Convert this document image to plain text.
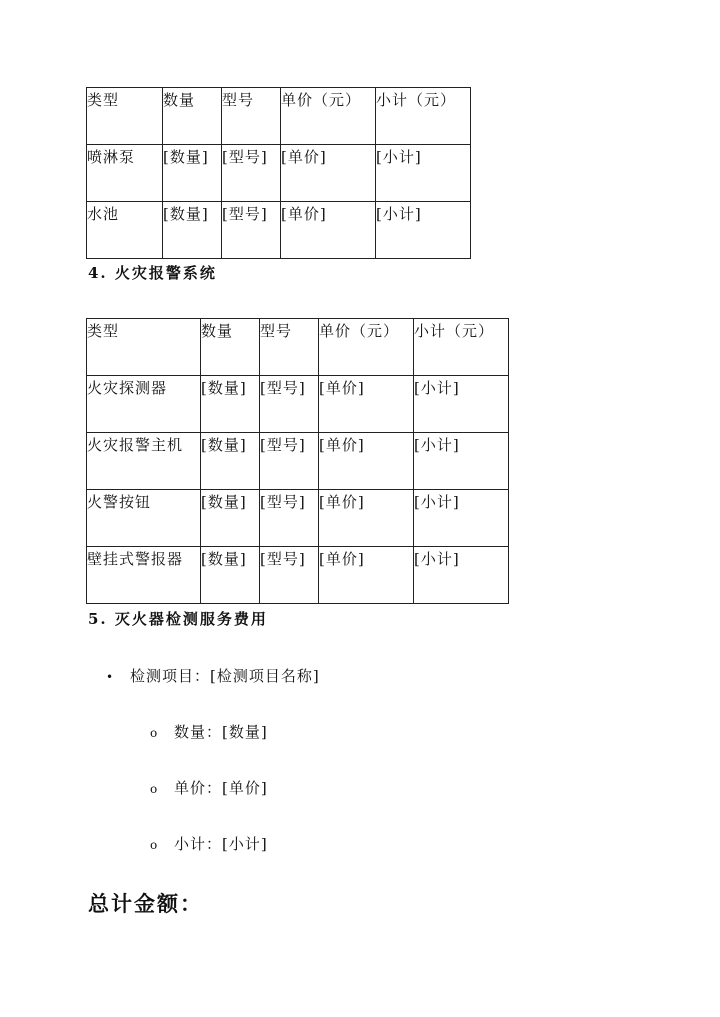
类型	数量	型号	单价（元）	小计（元）
喷淋泵	[数量]	[型号]	[单价]	[小计]
水池	[数量]	[型号]	[单价]	[小计]
4. 火灾报警系统
类型	数量	型号	单价（元）	小计（元）
火灾探测器	[数量]	[型号]	[单价]	[小计]
火灾报警主机	[数量]	[型号]	[单价]	[小计]
火警按钮	[数量]	[型号]	[单价]	[小计]
壁挂式警报器	[数量]	[型号]	[单价]	[小计]
5. 灭火器检测服务费用
• 检测项目：[检测项目名称]
o 数量：[数量]
o 单价：[单价]
o 小计：[小计]
总计金额：
